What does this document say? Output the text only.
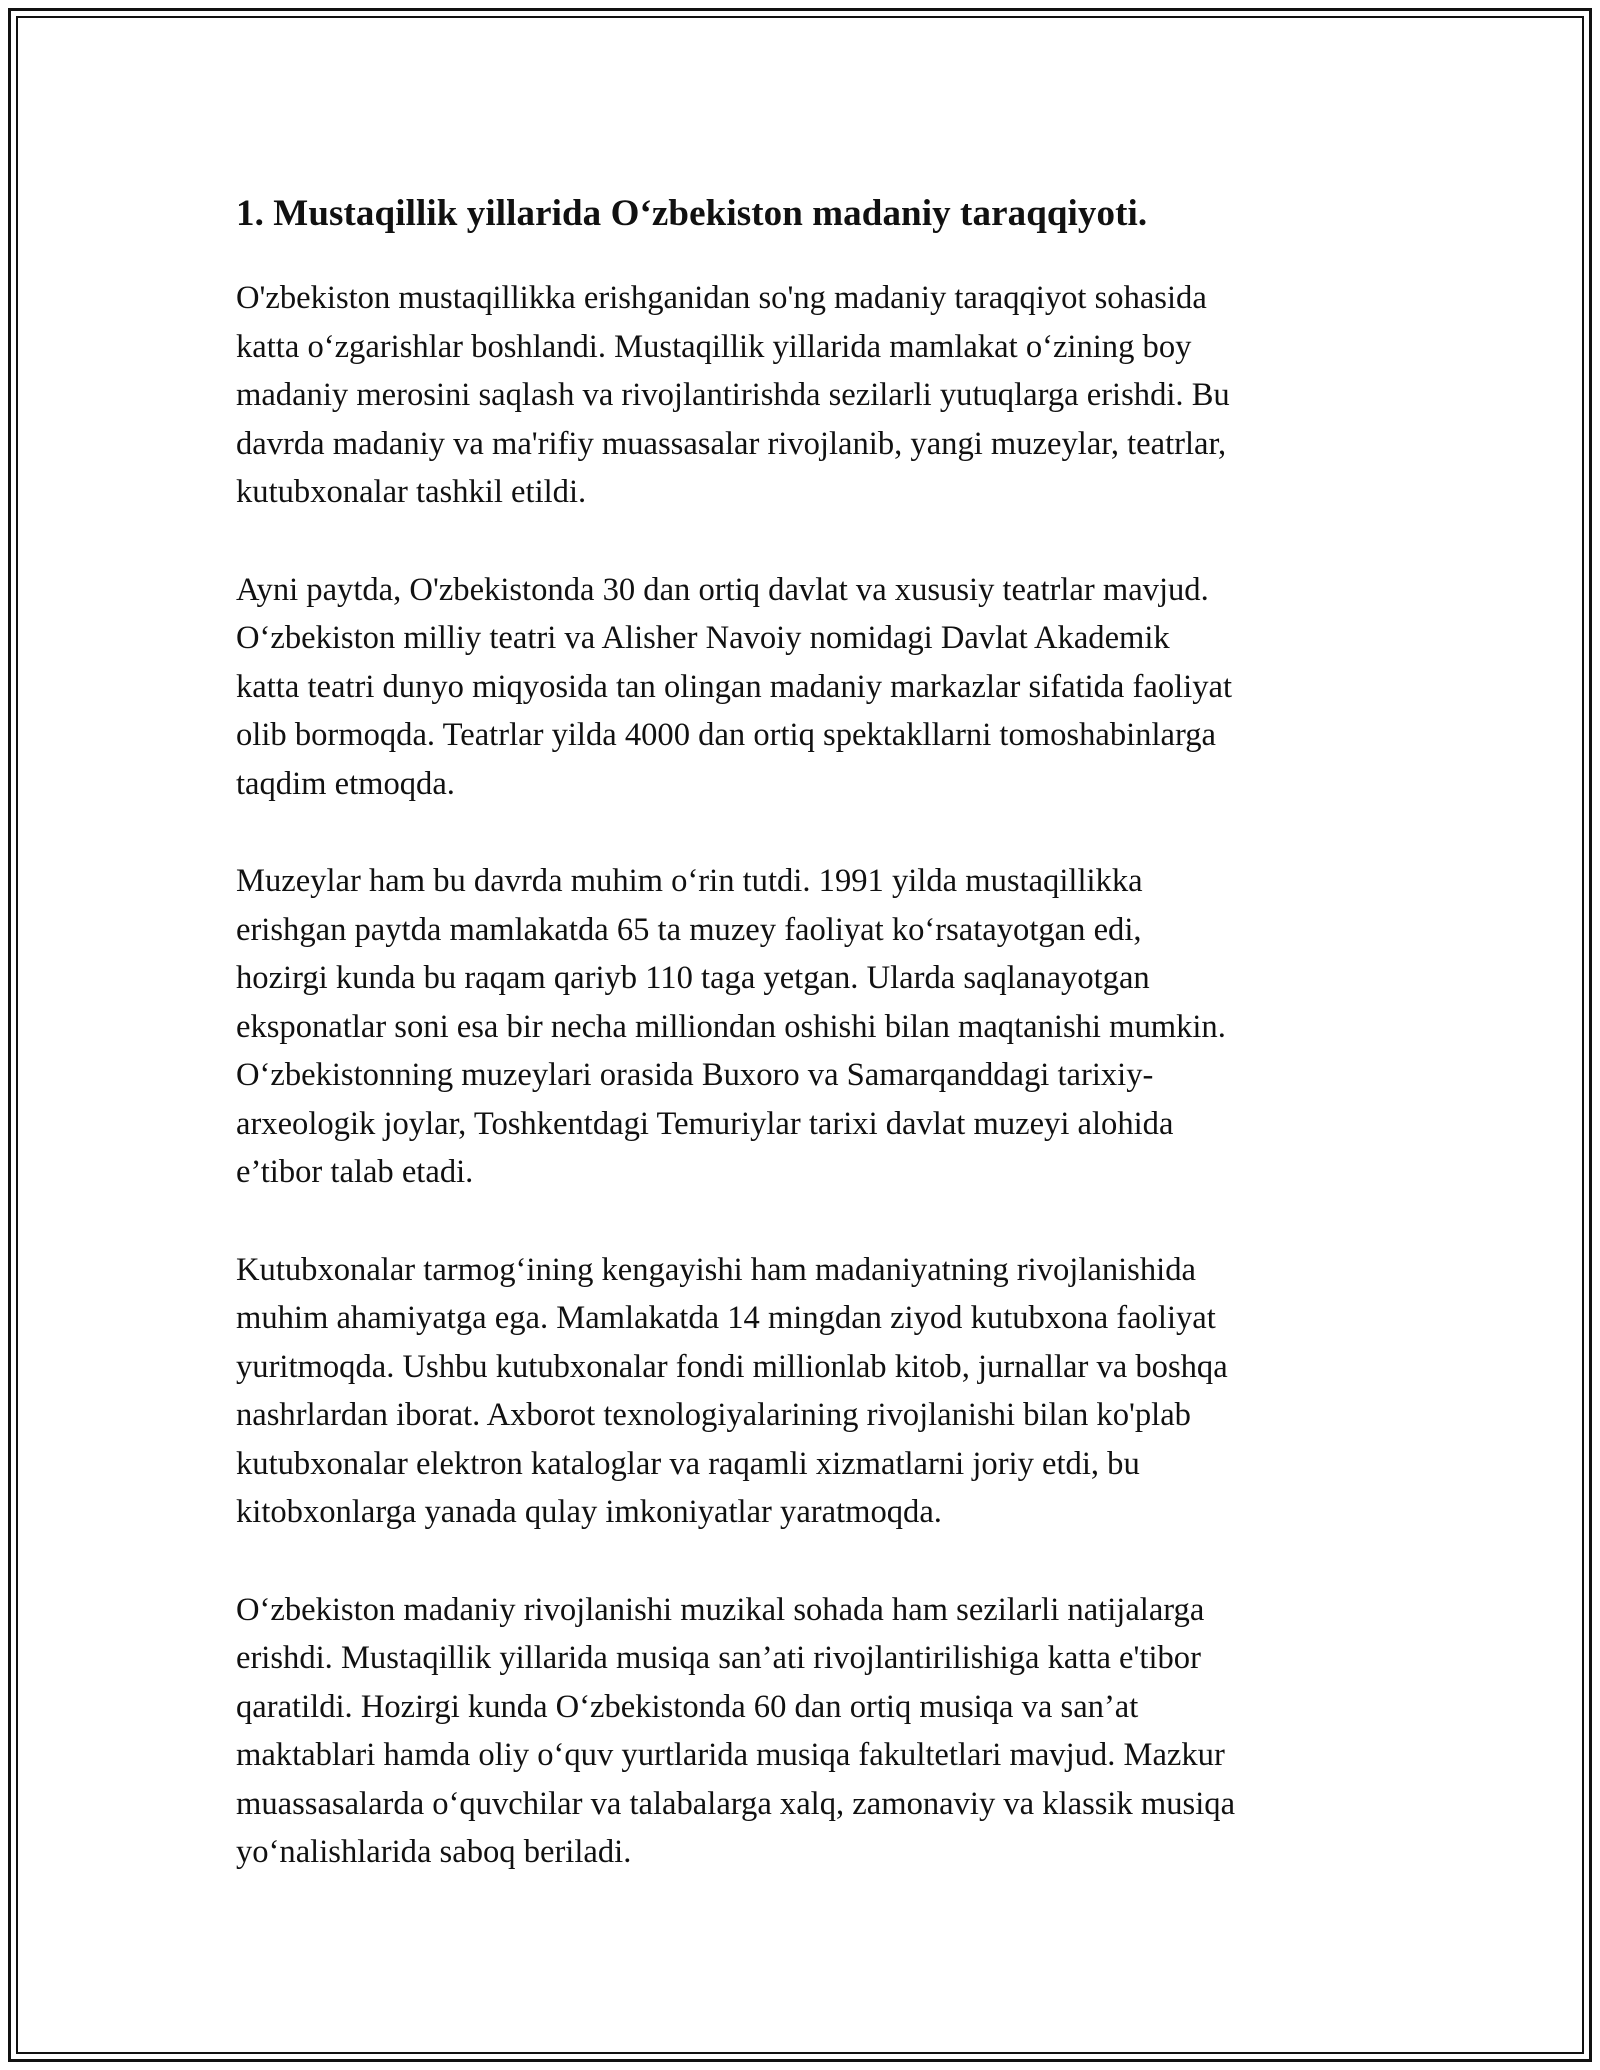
1. Mustaqillik yillarida O‘zbekiston madaniy taraqqiyoti.

O'zbekiston mustaqillikka erishganidan so'ng madaniy taraqqiyot sohasida
katta o‘zgarishlar boshlandi. Mustaqillik yillarida mamlakat o‘zining boy
madaniy merosini saqlash va rivojlantirishda sezilarli yutuqlarga erishdi. Bu
davrda madaniy va ma'rifiy muassasalar rivojlanib, yangi muzeylar, teatrlar,
kutubxonalar tashkil etildi.

Ayni paytda, O'zbekistonda 30 dan ortiq davlat va xususiy teatrlar mavjud.
O‘zbekiston milliy teatri va Alisher Navoiy nomidagi Davlat Akademik
katta teatri dunyo miqyosida tan olingan madaniy markazlar sifatida faoliyat
olib bormoqda. Teatrlar yilda 4000 dan ortiq spektakllarni tomoshabinlarga
taqdim etmoqda.

Muzeylar ham bu davrda muhim o‘rin tutdi. 1991 yilda mustaqillikka
erishgan paytda mamlakatda 65 ta muzey faoliyat ko‘rsatayotgan edi,
hozirgi kunda bu raqam qariyb 110 taga yetgan. Ularda saqlanayotgan
eksponatlar soni esa bir necha milliondan oshishi bilan maqtanishi mumkin.
O‘zbekistonning muzeylari orasida Buxoro va Samarqanddagi tarixiy-
arxeologik joylar, Toshkentdagi Temuriylar tarixi davlat muzeyi alohida
e’tibor talab etadi.

Kutubxonalar tarmog‘ining kengayishi ham madaniyatning rivojlanishida
muhim ahamiyatga ega. Mamlakatda 14 mingdan ziyod kutubxona faoliyat
yuritmoqda. Ushbu kutubxonalar fondi millionlab kitob, jurnallar va boshqa
nashrlardan iborat. Axborot texnologiyalarining rivojlanishi bilan ko'plab
kutubxonalar elektron kataloglar va raqamli xizmatlarni joriy etdi, bu
kitobxonlarga yanada qulay imkoniyatlar yaratmoqda.

O‘zbekiston madaniy rivojlanishi muzikal sohada ham sezilarli natijalarga
erishdi. Mustaqillik yillarida musiqa san’ati rivojlantirilishiga katta e'tibor
qaratildi. Hozirgi kunda O‘zbekistonda 60 dan ortiq musiqa va san’at
maktablari hamda oliy o‘quv yurtlarida musiqa fakultetlari mavjud. Mazkur
muassasalarda o‘quvchilar va talabalarga xalq, zamonaviy va klassik musiqa
yo‘nalishlarida saboq beriladi.
